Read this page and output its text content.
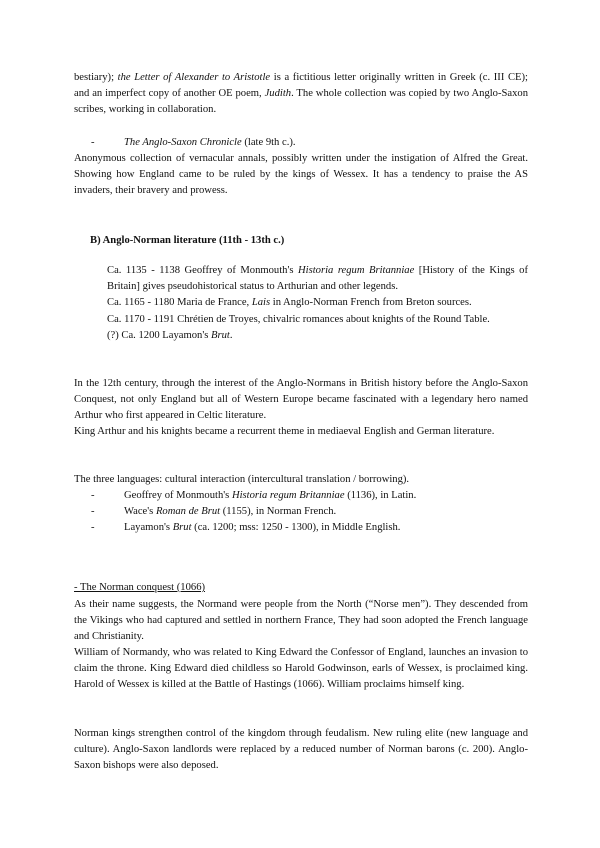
bestiary); the Letter of Alexander to Aristotle is a fictitious letter originally written in Greek (c. III CE); and an imperfect copy of another OE poem, Judith. The whole collection was copied by two Anglo-Saxon scribes, working in collaboration.
-	The Anglo-Saxon Chronicle (late 9th c.).
Anonymous collection of vernacular annals, possibly written under the instigation of Alfred the Great. Showing how England came to be ruled by the kings of Wessex. It has a tendency to praise the AS invaders, their bravery and prowess.
B) Anglo-Norman literature (11th - 13th c.)
Ca. 1135 - 1138 Geoffrey of Monmouth's Historia regum Britanniae [History of the Kings of Britain] gives pseudohistorical status to Arthurian and other legends.
Ca. 1165 - 1180 Maria de France, Lais in Anglo-Norman French from Breton sources.
Ca. 1170 - 1191 Chrétien de Troyes, chivalric romances about knights of the Round Table.
(?) Ca. 1200 Layamon's Brut.
In the 12th century, through the interest of the Anglo-Normans in British history before the Anglo-Saxon Conquest, not only England but all of Western Europe became fascinated with a legendary hero named Arthur who first appeared in Celtic literature.
King Arthur and his knights became a recurrent theme in mediaeval English and German literature.
The three languages: cultural interaction (intercultural translation / borrowing).
-	Geoffrey of Monmouth's Historia regum Britanniae (1136), in Latin.
-	Wace's Roman de Brut (1155), in Norman French.
-	Layamon's Brut (ca. 1200; mss: 1250 - 1300), in Middle English.
- The Norman conquest (1066)
As their name suggests, the Normand were people from the North (“Norse men”). They descended from the Vikings who had captured and settled in northern France, They had soon adopted the French language and Christianity.
William of Normandy, who was related to King Edward the Confessor of England, launches an invasion to claim the throne. King Edward died childless so Harold Godwinson, earls of Wessex, is proclaimed king. Harold of Wessex is killed at the Battle of Hastings (1066). William proclaims himself king.
Norman kings strengthen control of the kingdom through feudalism. New ruling elite (new language and culture). Anglo-Saxon landlords were replaced by a reduced number of Norman barons (c. 200). Anglo-Saxon bishops were also deposed.
